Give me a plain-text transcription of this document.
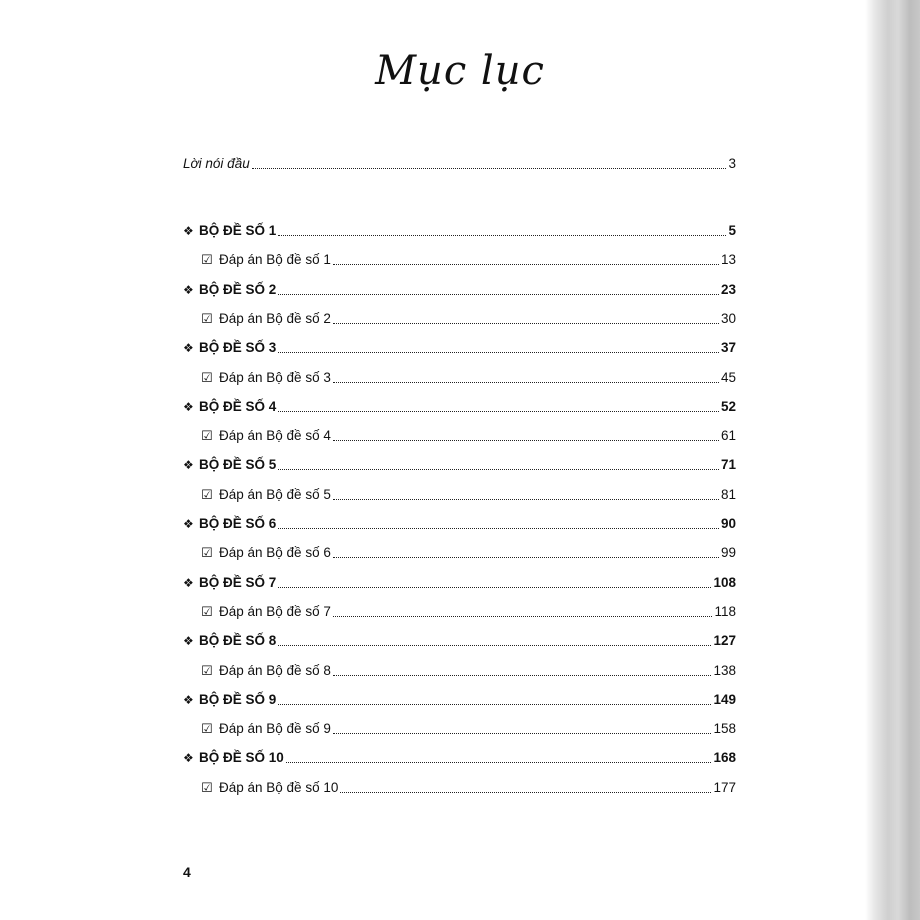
Mục lục
Lời nói đầu	3
❖ BỘ ĐỀ SỐ 1	5
☑ Đáp án Bộ đề số 1	13
❖ BỘ ĐỀ SỐ 2	23
☑ Đáp án Bộ đề số 2	30
❖ BỘ ĐỀ SỐ 3	37
☑ Đáp án Bộ đề số 3	45
❖ BỘ ĐỀ SỐ 4	52
☑ Đáp án Bộ đề số 4	61
❖ BỘ ĐỀ SỐ 5	71
☑ Đáp án Bộ đề số 5	81
❖ BỘ ĐỀ SỐ 6	90
☑ Đáp án Bộ đề số 6	99
❖ BỘ ĐỀ SỐ 7	108
☑ Đáp án Bộ đề số 7	118
❖ BỘ ĐỀ SỐ 8	127
☑ Đáp án Bộ đề số 8	138
❖ BỘ ĐỀ SỐ 9	149
☑ Đáp án Bộ đề số 9	158
❖ BỘ ĐỀ SỐ 10	168
☑ Đáp án Bộ đề số 10	177
4
